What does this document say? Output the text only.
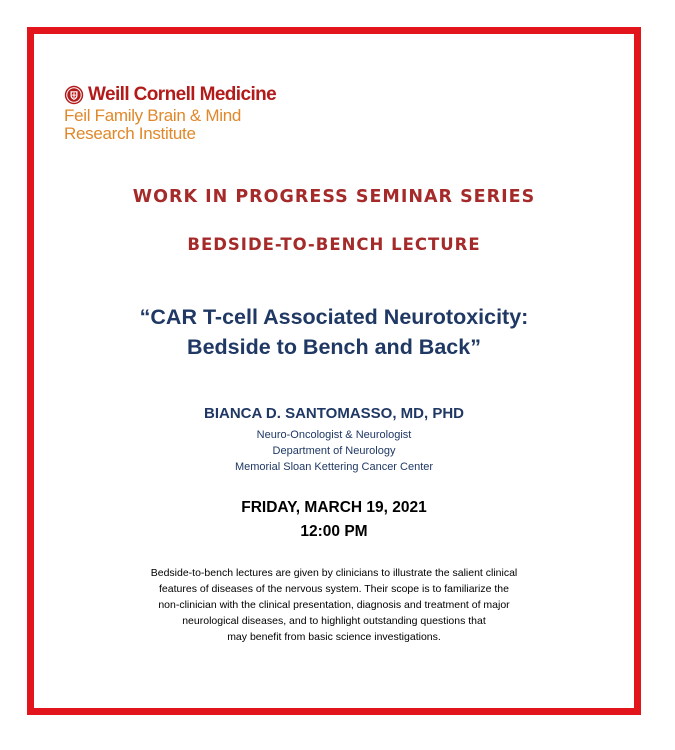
Weill Cornell Medicine
Feil Family Brain & Mind
Research Institute
WORK IN PROGRESS SEMINAR SERIES
BEDSIDE-TO-BENCH LECTURE
“CAR T-cell Associated Neurotoxicity:
Bedside to Bench and Back”
BIANCA D. SANTOMASSO, MD, PHD
Neuro-Oncologist & Neurologist
Department of Neurology
Memorial Sloan Kettering Cancer Center
FRIDAY, MARCH 19, 2021
12:00 PM
Bedside-to-bench lectures are given by clinicians to illustrate the salient clinical
features of diseases of the nervous system. Their scope is to familiarize the
non-clinician with the clinical presentation, diagnosis and treatment of major
neurological diseases, and to highlight outstanding questions that
may benefit from basic science investigations.
